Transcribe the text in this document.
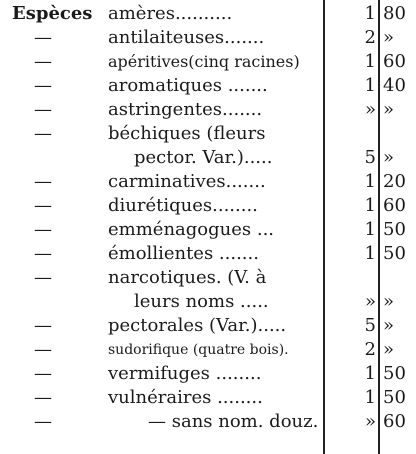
Espèces amères..........	1 80
—	antilaiteuses.......	2 »
—	apéritives(cinq racines)	1 60
—	aromatiques .......	1 40
—	astringentes.......	» »
—	béchiques (fleurs
pector. Var.).....	5 »
—	carminatives.......	1 20
—	diurétiques........	1 60
—	emménagogues ...	1 50
—	émollientes .......	1 50
—	narcotiques. (V. à
leurs noms .....	» »
—	pectorales (Var.).....	5 »
—	sudorifique (quatre bois).	2 »
—	vermifuges ........	1 50
—	vulnéraires ........	1 50
—	— sans nom. douz.	» 60
